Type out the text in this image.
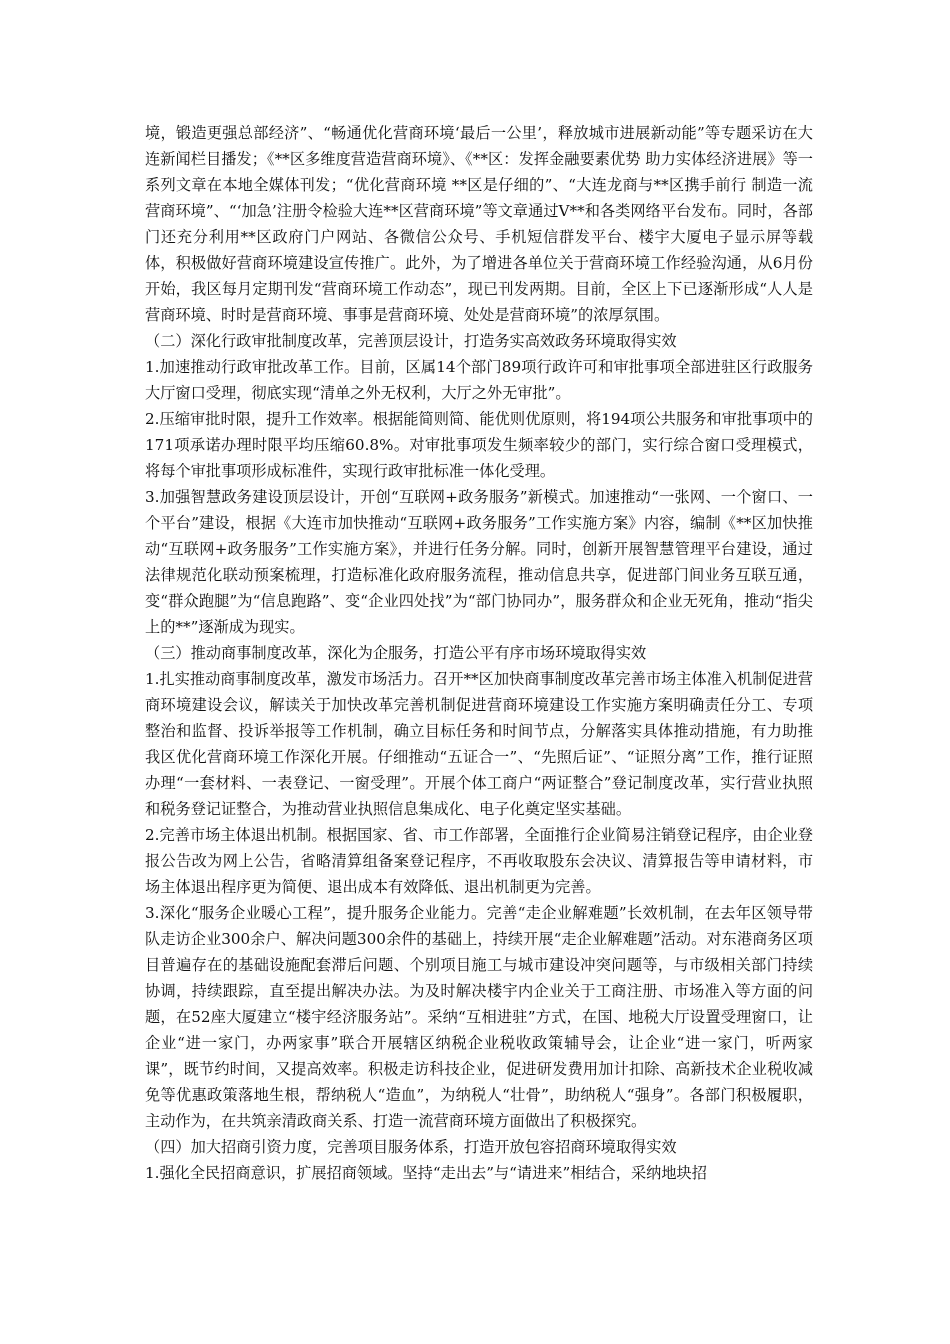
境，锻造更强总部经济”、“畅通优化营商环境‘最后一公里’，释放城市进展新动能”等专题采访在大连新闻栏目播发；《**区多维度营造营商环境》、《**区：发挥金融要素优势 助力实体经济进展》等一系列文章在本地全媒体刊发；“优化营商环境 **区是仔细的”、“大连龙商与**区携手前行 制造一流营商环境”、“‘加急’注册令检验大连**区营商环境”等文章通过V**和各类网络平台发布。同时，各部门还充分利用**区政府门户网站、各微信公众号、手机短信群发平台、楼宇大厦电子显示屏等载体，积极做好营商环境建设宣传推广。此外，为了增进各单位关于营商环境工作经验沟通，从6月份开始，我区每月定期刊发“营商环境工作动态”，现已刊发两期。目前，全区上下已逐渐形成“人人是营商环境、时时是营商环境、事事是营商环境、处处是营商环境”的浓厚氛围。

（二）深化行政审批制度改革，完善顶层设计，打造务实高效政务环境取得实效

1.加速推动行政审批改革工作。目前，区属14个部门89项行政许可和审批事项全部进驻区行政服务大厅窗口受理，彻底实现“清单之外无权利，大厅之外无审批”。

2.压缩审批时限，提升工作效率。根据能简则简、能优则优原则，将194项公共服务和审批事项中的171项承诺办理时限平均压缩60.8%。对审批事项发生频率较少的部门，实行综合窗口受理模式，将每个审批事项形成标准件，实现行政审批标准一体化受理。

3.加强智慧政务建设顶层设计，开创“互联网+政务服务”新模式。加速推动“一张网、一个窗口、一个平台”建设，根据《大连市加快推动“互联网+政务服务”工作实施方案》内容，编制《**区加快推动“互联网+政务服务”工作实施方案》，并进行任务分解。同时，创新开展智慧管理平台建设，通过法律规范化联动预案梳理，打造标准化政府服务流程，推动信息共享，促进部门间业务互联互通，变“群众跑腿”为“信息跑路”、变“企业四处找”为“部门协同办”，服务群众和企业无死角，推动“指尖上的**”逐渐成为现实。

（三）推动商事制度改革，深化为企服务，打造公平有序市场环境取得实效

1.扎实推动商事制度改革，激发市场活力。召开**区加快商事制度改革完善市场主体准入机制促进营商环境建设会议，解读关于加快改革完善机制促进营商环境建设工作实施方案明确责任分工、专项整治和监督、投诉举报等工作机制，确立目标任务和时间节点，分解落实具体推动措施，有力助推我区优化营商环境工作深化开展。仔细推动“五证合一”、“先照后证”、“证照分离”工作，推行证照办理“一套材料、一表登记、一窗受理”。开展个体工商户“两证整合”登记制度改革，实行营业执照和税务登记证整合，为推动营业执照信息集成化、电子化奠定坚实基础。

2.完善市场主体退出机制。根据国家、省、市工作部署，全面推行企业简易注销登记程序，由企业登报公告改为网上公告，省略清算组备案登记程序，不再收取股东会决议、清算报告等申请材料，市场主体退出程序更为简便、退出成本有效降低、退出机制更为完善。

3.深化“服务企业暖心工程”，提升服务企业能力。完善“走企业解难题”长效机制，在去年区领导带队走访企业300余户、解决问题300余件的基础上，持续开展“走企业解难题”活动。对东港商务区项目普遍存在的基础设施配套滞后问题、个别项目施工与城市建设冲突问题等，与市级相关部门持续协调，持续跟踪，直至提出解决办法。为及时解决楼宇内企业关于工商注册、市场准入等方面的问题，在52座大厦建立“楼宇经济服务站”。采纳“互相进驻”方式，在国、地税大厅设置受理窗口，让企业“进一家门，办两家事”联合开展辖区纳税企业税收政策辅导会，让企业“进一家门，听两家课”，既节约时间，又提高效率。积极走访科技企业，促进研发费用加计扣除、高新技术企业税收减免等优惠政策落地生根，帮纳税人“造血”，为纳税人“壮骨”，助纳税人“强身”。各部门积极履职，主动作为，在共筑亲清政商关系、打造一流营商环境方面做出了积极探究。

（四）加大招商引资力度，完善项目服务体系，打造开放包容招商环境取得实效

1.强化全民招商意识，扩展招商领域。坚持“走出去”与“请进来”相结合，采纳地块招
